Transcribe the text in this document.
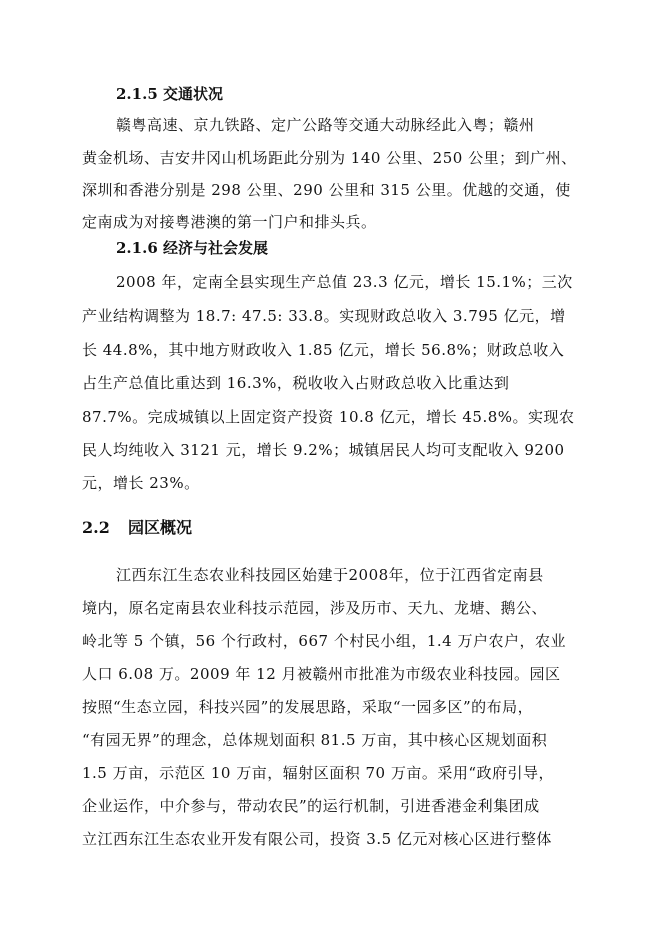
2.1.5 交通状况
赣粤高速、京九铁路、定广公路等交通大动脉经此入粤；赣州
黄金机场、吉安井冈山机场距此分别为 140 公里、250 公里；到广州、
深圳和香港分别是 298 公里、290 公里和 315 公里。优越的交通，使
定南成为对接粤港澳的第一门户和排头兵。
2.1.6 经济与社会发展
2008 年，定南全县实现生产总值 23.3 亿元，增长 15.1%；三次
产业结构调整为 18.7: 47.5: 33.8。实现财政总收入 3.795 亿元，增
长 44.8%，其中地方财政收入 1.85 亿元，增长 56.8%；财政总收入
占生产总值比重达到 16.3%，税收收入占财政总收入比重达到
87.7%。完成城镇以上固定资产投资 10.8 亿元，增长 45.8%。实现农
民人均纯收入 3121 元，增长 9.2%；城镇居民人均可支配收入 9200
元，增长 23%。
2.2 园区概况
江西东江生态农业科技园区始建于2008年，位于江西省定南县
境内，原名定南县农业科技示范园，涉及历市、天九、龙塘、鹅公、
岭北等 5 个镇，56 个行政村，667 个村民小组，1.4 万户农户，农业
人口 6.08 万。2009 年 12 月被赣州市批准为市级农业科技园。园区
按照“生态立园，科技兴园”的发展思路，采取“一园多区”的布局，
“有园无界”的理念，总体规划面积 81.5 万亩，其中核心区规划面积
1.5 万亩，示范区 10 万亩，辐射区面积 70 万亩。采用“政府引导，
企业运作，中介参与，带动农民”的运行机制，引进香港金利集团成
立江西东江生态农业开发有限公司，投资 3.5 亿元对核心区进行整体
